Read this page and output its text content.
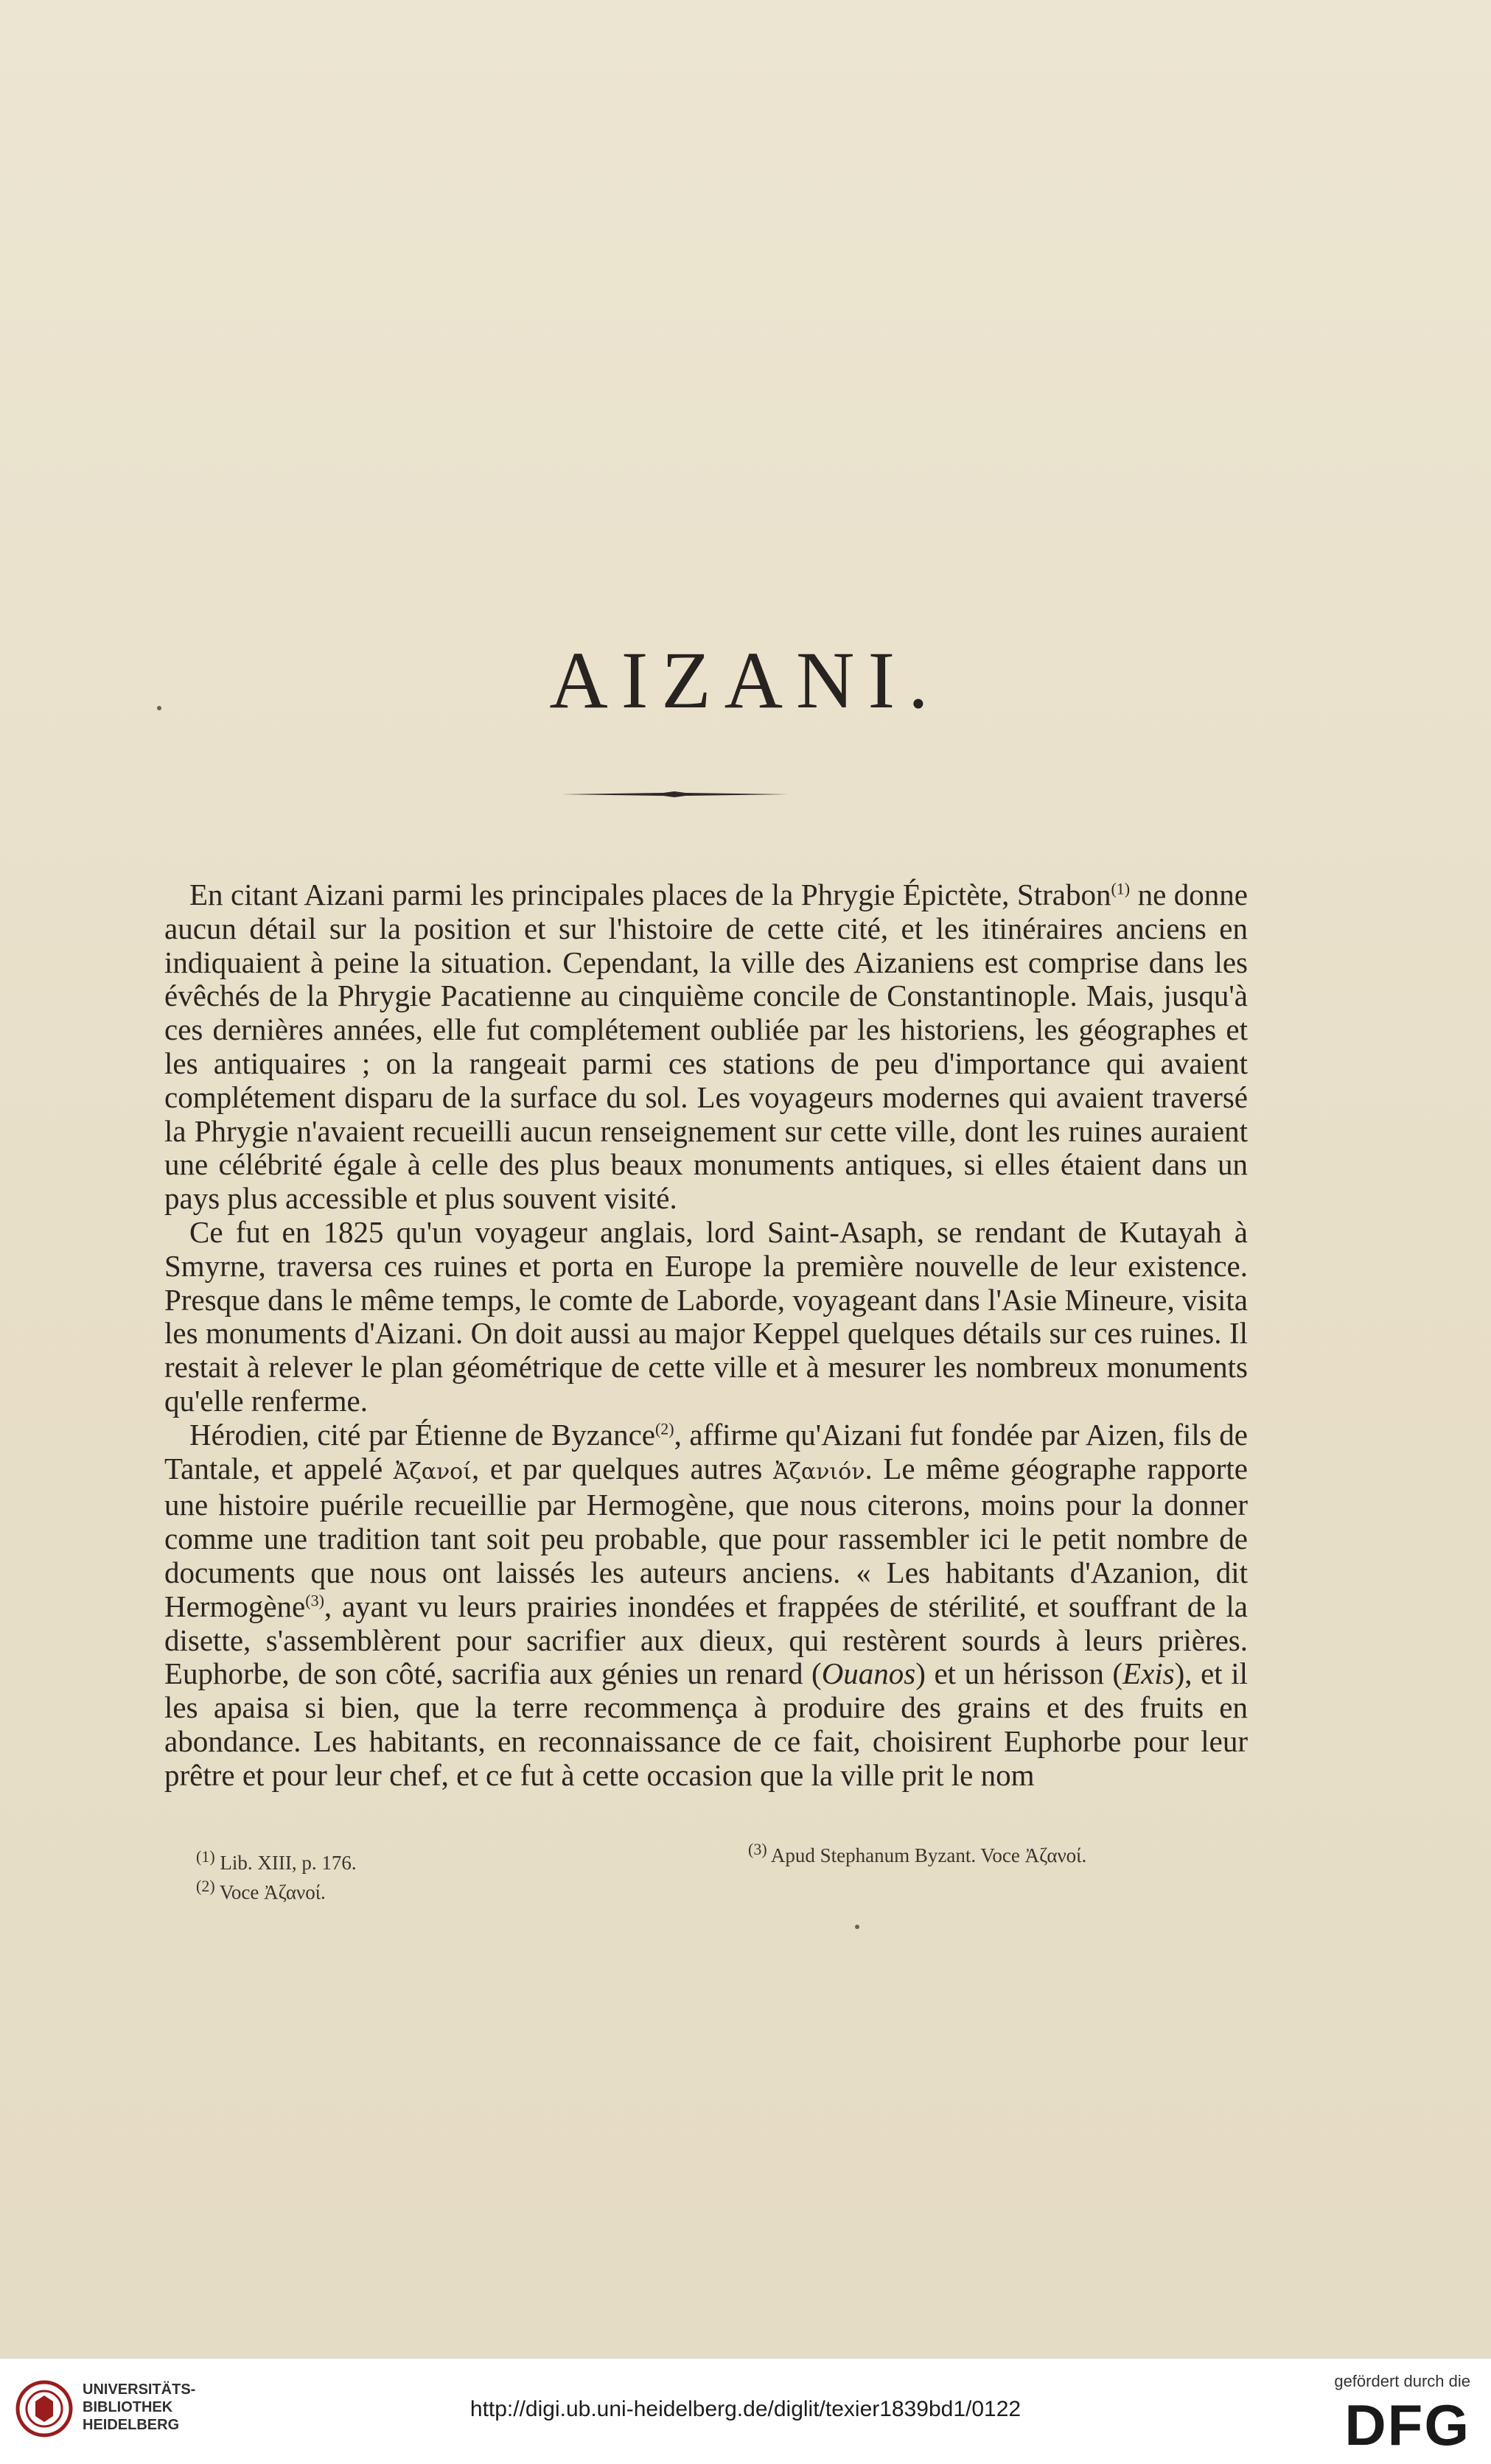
AIZANI.

En citant Aizani parmi les principales places de la Phrygie Épictète, Strabon$^{(1)}$ ne donne aucun détail sur la position et sur l'histoire de cette cité, et les itinéraires anciens en indiquaient à peine la situation. Cependant, la ville des Aizaniens est comprise dans les évêchés de la Phrygie Pacatienne au cinquième concile de Constantinople. Mais, jusqu'à ces dernières années, elle fut complétement oubliée par les historiens, les géographes et les antiquaires ; on la rangeait parmi ces stations de peu d'importance qui avaient complétement disparu de la surface du sol. Les voyageurs modernes qui avaient traversé la Phrygie n'avaient recueilli aucun renseignement sur cette ville, dont les ruines auraient une célébrité égale à celle des plus beaux monuments antiques, si elles étaient dans un pays plus accessible et plus souvent visité.

Ce fut en 1825 qu'un voyageur anglais, lord Saint-Asaph, se rendant de Kutayah à Smyrne, traversa ces ruines et porta en Europe la première nouvelle de leur existence. Presque dans le même temps, le comte de Laborde, voyageant dans l'Asie Mineure, visita les monuments d'Aizani. On doit aussi au major Keppel quelques détails sur ces ruines. Il restait à relever le plan géométrique de cette ville et à mesurer les nombreux monuments qu'elle renferme.

Hérodien, cité par Étienne de Byzance$^{(2)}$, affirme qu'Aizani fut fondée par Aizen, fils de Tantale, et appelé Ἀζανοί, et par quelques autres Ἀζανιόν. Le même géographe rapporte une histoire puérile recueillie par Hermogène, que nous citerons, moins pour la donner comme une tradition tant soit peu probable, que pour rassembler ici le petit nombre de documents que nous ont laissés les auteurs anciens. « Les habitants d'Azanion, dit Hermogène$^{(3)}$, ayant vu leurs prairies inondées et frappées de stérilité, et souffrant de la disette, s'assemblèrent pour sacrifier aux dieux, qui restèrent sourds à leurs prières. Euphorbe, de son côté, sacrifia aux génies un renard (Ouanos) et un hérisson (Exis), et il les apaisa si bien, que la terre recommença à produire des grains et des fruits en abondance. Les habitants, en reconnaissance de ce fait, choisirent Euphorbe pour leur prêtre et pour leur chef, et ce fut à cette occasion que la ville prit le nom

$^{(1)}$ Lib. XIII, p. 176.
$^{(2)}$ Voce Ἀζανοί.
$^{(3)}$ Apud Stephanum Byzant. Voce Ἀζανοί.
UNIVERSITÄTS-
BIBLIOTHEK
HEIDELBERG
http://digi.ub.uni-heidelberg.de/diglit/texier1839bd1/0122
gefördert durch die
DFG
